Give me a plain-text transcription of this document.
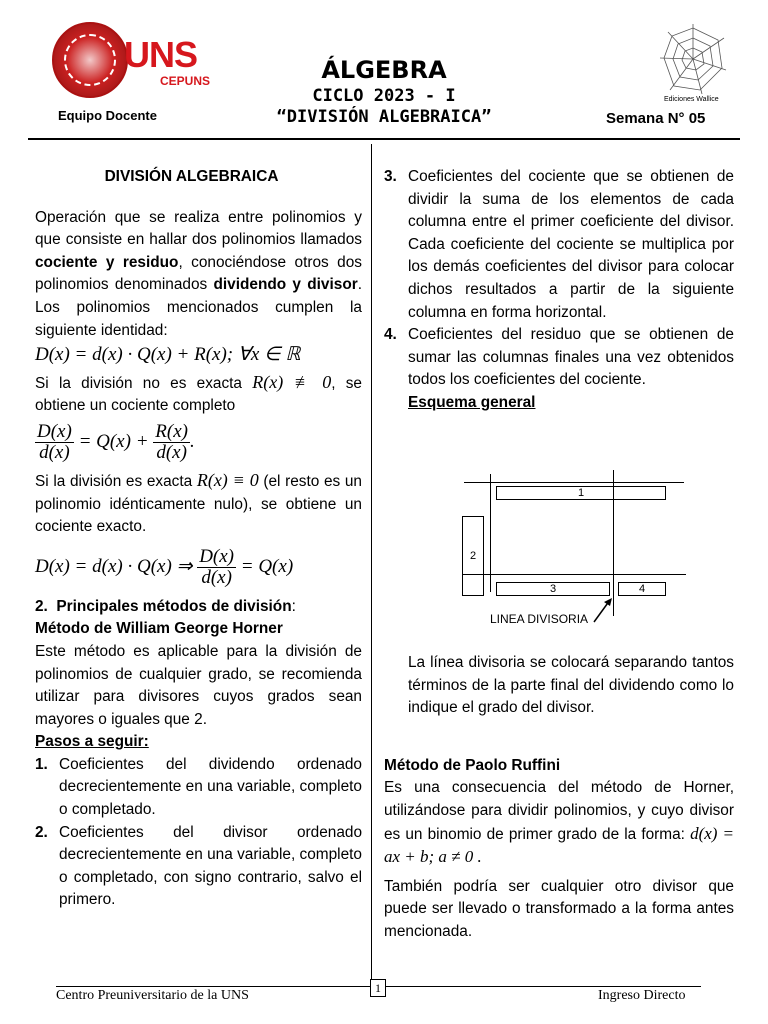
UNS
CEPUNS
Equipo Docente
ÁLGEBRA
CICLO 2023 - I
“DIVISIÓN ALGEBRAICA”
Ediciones Wallice
Semana N° 05
DIVISIÓN ALGEBRAICA
Operación que se realiza entre polinomios y que consiste en hallar dos polinomios llamados cociente y residuo, conociéndose otros dos polinomios denominados dividendo y divisor. Los polinomios mencionados cumplen la siguiente identidad:
D(x) = d(x) · Q(x) + R(x); ∀x ∈ ℝ
Si la división no es exacta R(x) ≢ 0, se obtiene un cociente completo
$\frac{D(x)}{d(x)} = Q(x) + \frac{R(x)}{d(x)}$ .
Si la división es exacta R(x) ≡ 0 (el resto es un polinomio idénticamente nulo), se obtiene un cociente exacto.
D(x) = d(x) · Q(x) ⇒ $\frac{D(x)}{d(x)} = Q(x)$
2. Principales métodos de división:
Método de William George Horner
Este método es aplicable para la división de polinomios de cualquier grado, se recomienda utilizar para divisores cuyos grados sean mayores o iguales que 2.
Pasos a seguir:
1. Coeficientes del dividendo ordenado decrecientemente en una variable, completo o completado.
2. Coeficientes del divisor ordenado decrecientemente en una variable, completo o completado, con signo contrario, salvo el primero.
3. Coeficientes del cociente que se obtienen de dividir la suma de los elementos de cada columna entre el primer coeficiente del divisor. Cada coeficiente del cociente se multiplica por los demás coeficientes del divisor para colocar dichos resultados a partir de la siguiente columna en forma horizontal.
4. Coeficientes del residuo que se obtienen de sumar las columnas finales una vez obtenidos todos los coeficientes del cociente.
Esquema general
1
2
3	4
LINEA DIVISORIA
La línea divisoria se colocará separando tantos términos de la parte final del dividendo como lo indique el grado del divisor.
Método de Paolo Ruffini
Es una consecuencia del método de Horner, utilizándose para dividir polinomios, y cuyo divisor es un binomio de primer grado de la forma: d(x) = ax + b; a ≠ 0 .
También podría ser cualquier otro divisor que puede ser llevado o transformado a la forma antes mencionada.
Centro Preuniversitario de la UNS	1	Ingreso Directo
